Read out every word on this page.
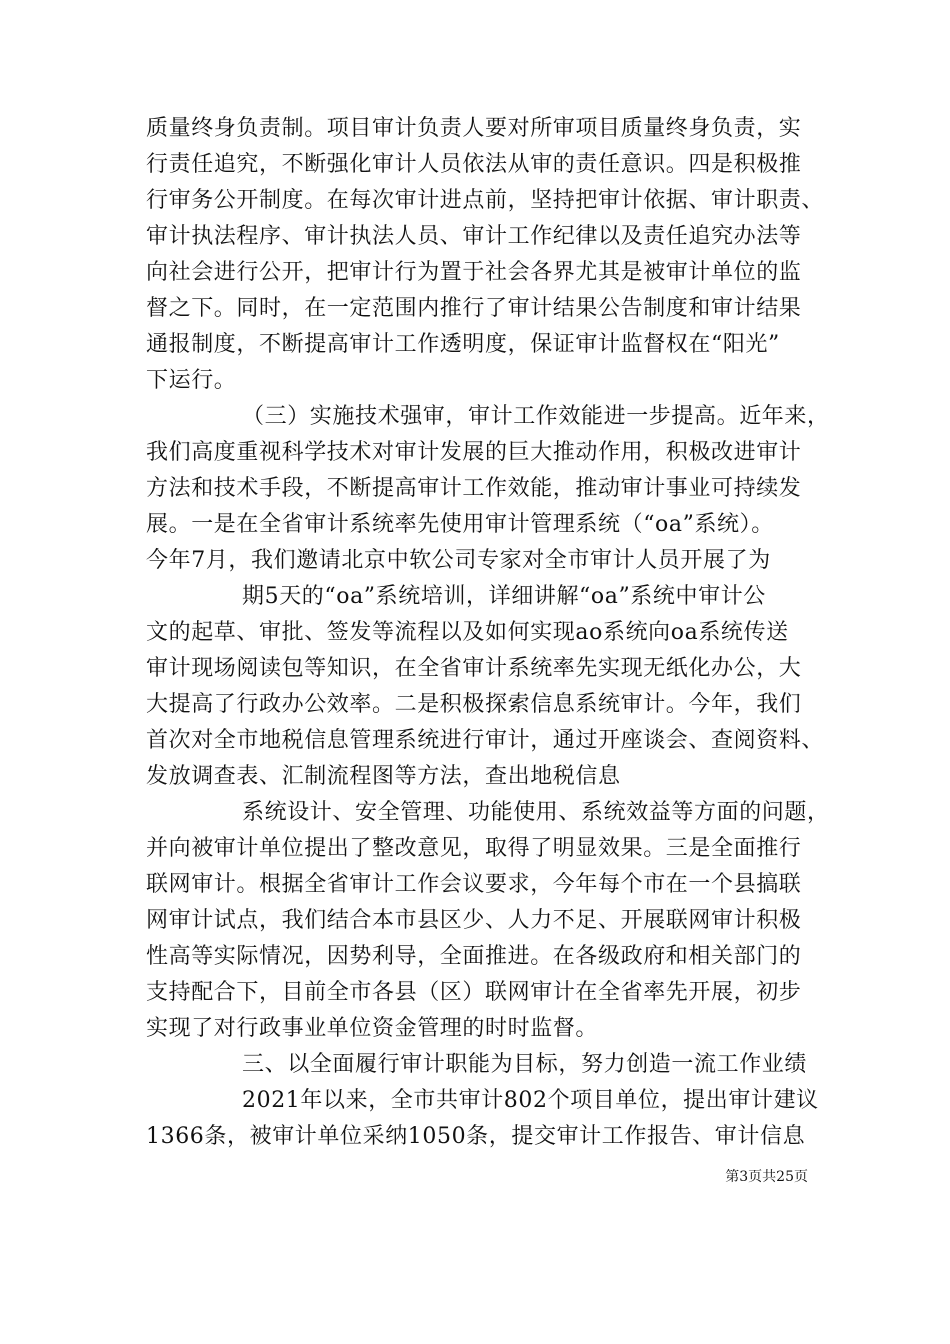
质量终身负责制。项目审计负责人要对所审项目质量终身负责，实
行责任追究，不断强化审计人员依法从审的责任意识。四是积极推
行审务公开制度。在每次审计进点前，坚持把审计依据、审计职责、
审计执法程序、审计执法人员、审计工作纪律以及责任追究办法等
向社会进行公开，把审计行为置于社会各界尤其是被审计单位的监
督之下。同时，在一定范围内推行了审计结果公告制度和审计结果
通报制度，不断提高审计工作透明度，保证审计监督权在“阳光”
下运行。
（三）实施技术强审，审计工作效能进一步提高。近年来，
我们高度重视科学技术对审计发展的巨大推动作用，积极改进审计
方法和技术手段，不断提高审计工作效能，推动审计事业可持续发
展。一是在全省审计系统率先使用审计管理系统（“oa”系统）。
今年7月，我们邀请北京中软公司专家对全市审计人员开展了为
期5天的“oa”系统培训，详细讲解“oa”系统中审计公
文的起草、审批、签发等流程以及如何实现ao系统向oa系统传送
审计现场阅读包等知识，在全省审计系统率先实现无纸化办公，大
大提高了行政办公效率。二是积极探索信息系统审计。今年，我们
首次对全市地税信息管理系统进行审计，通过开座谈会、查阅资料、
发放调查表、汇制流程图等方法，查出地税信息
系统设计、安全管理、功能使用、系统效益等方面的问题，
并向被审计单位提出了整改意见，取得了明显效果。三是全面推行
联网审计。根据全省审计工作会议要求，今年每个市在一个县搞联
网审计试点，我们结合本市县区少、人力不足、开展联网审计积极
性高等实际情况，因势利导，全面推进。在各级政府和相关部门的
支持配合下，目前全市各县（区）联网审计在全省率先开展，初步
实现了对行政事业单位资金管理的时时监督。
三、以全面履行审计职能为目标，努力创造一流工作业绩
2021年以来，全市共审计802个项目单位，提出审计建议
1366条，被审计单位采纳1050条，提交审计工作报告、审计信息
第3页共25页
